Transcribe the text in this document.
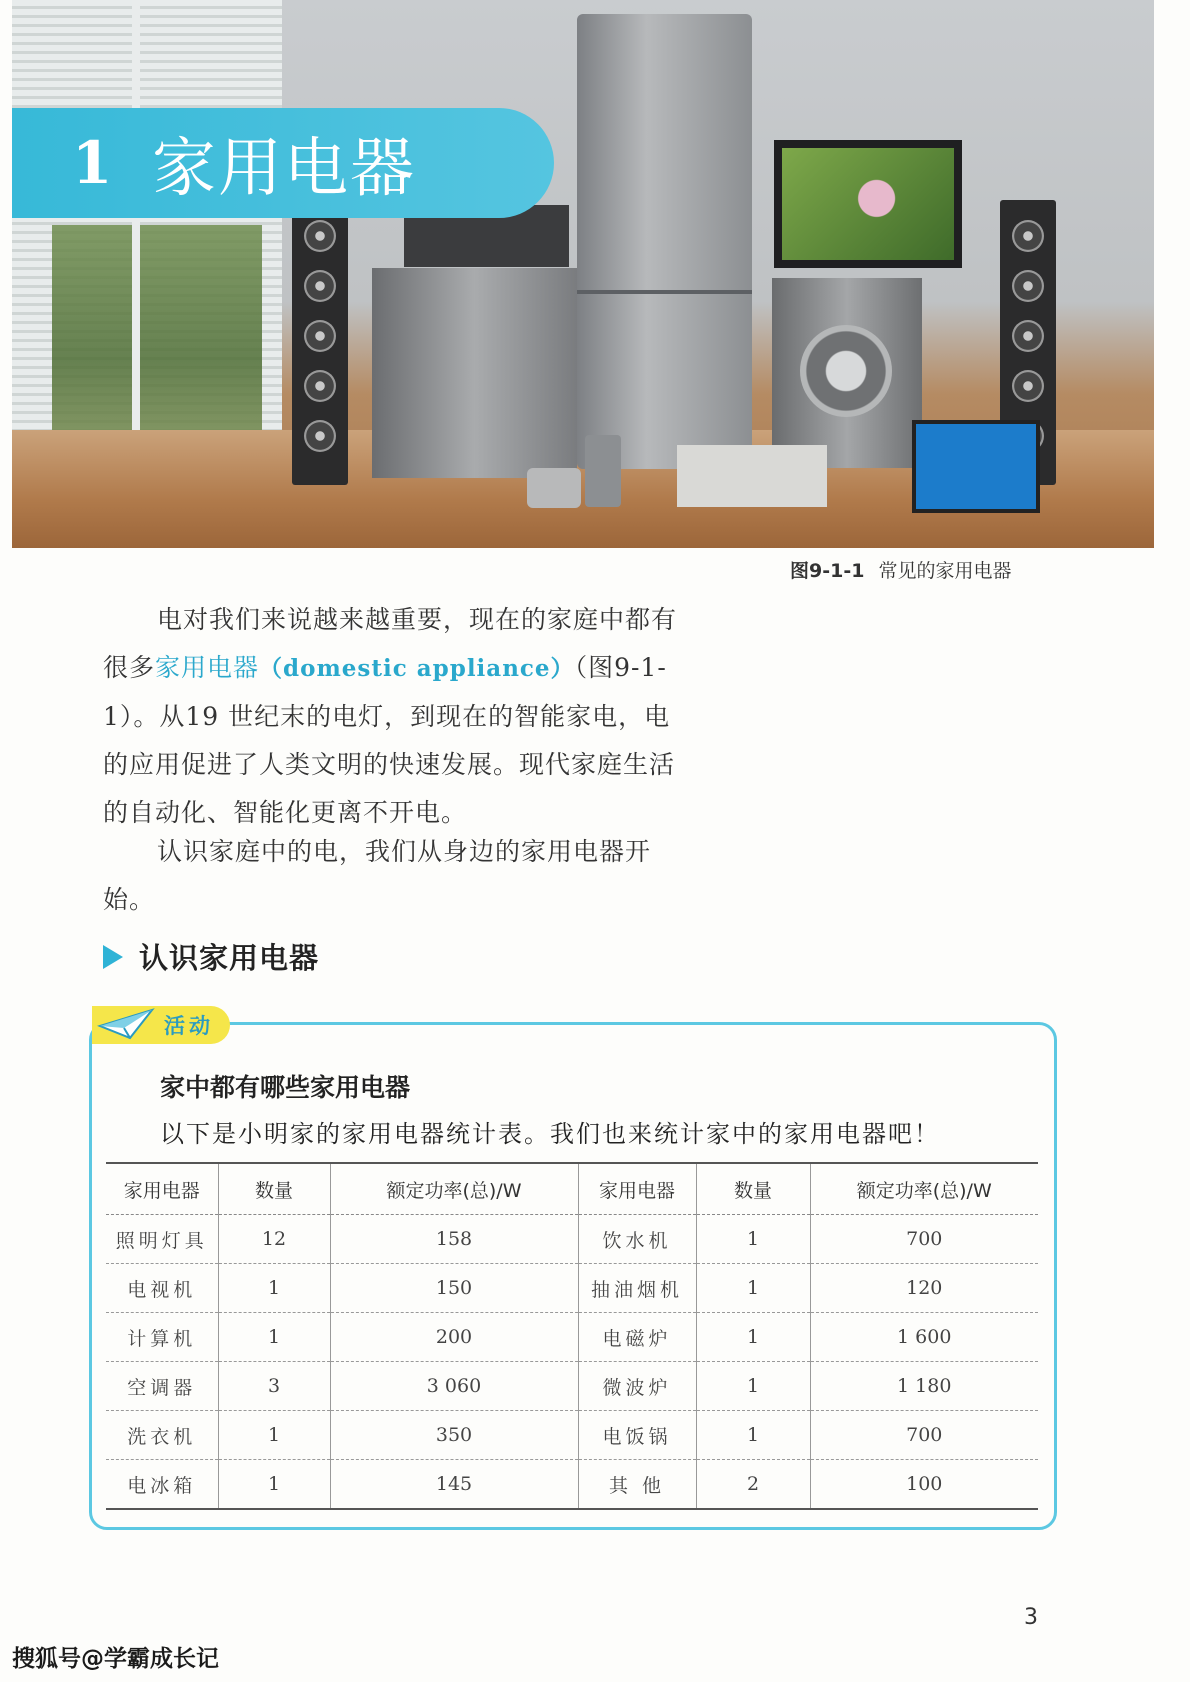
1 家用电器
图9-1-1 常见的家用电器
电对我们来说越来越重要，现在的家庭中都有很多家用电器（domestic appliance）（图9-1-1）。从19 世纪末的电灯，到现在的智能家电，电的应用促进了人类文明的快速发展。现代家庭生活的自动化、智能化更离不开电。
认识家庭中的电，我们从身边的家用电器开始。
认识家用电器
活动
家中都有哪些家用电器
以下是小明家的家用电器统计表。我们也来统计家中的家用电器吧！
家用电器	数量	额定功率(总)/W	家用电器	数量	额定功率(总)/W
照明灯具	12	158	饮水机	1	700
电视机	1	150	抽油烟机	1	120
计算机	1	200	电磁炉	1	1 600
空调器	3	3 060	微波炉	1	1 180
洗衣机	1	350	电饭锅	1	700
电冰箱	1	145	其 他	2	100
3
搜狐号@学霸成长记
